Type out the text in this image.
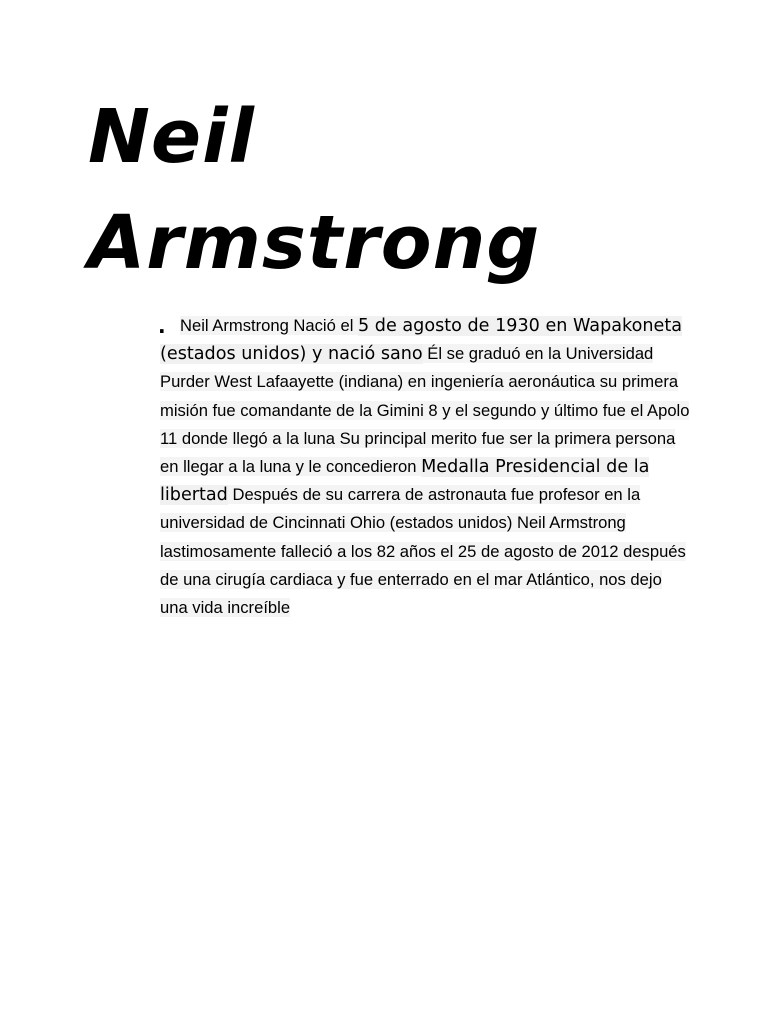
Neil
Armstrong
. Neil Armstrong Nació el 5 de agosto de 1930 en Wapakoneta (estados unidos) y nació sano Él se graduó en la Universidad Purder West Lafaayette (indiana) en ingeniería aeronáutica su primera misión fue comandante de la Gimini 8 y el segundo y último fue el Apolo 11 donde llegó a la luna Su principal merito fue ser la primera persona en llegar a la luna y le concedieron Medalla Presidencial de la libertad Después de su carrera de astronauta fue profesor en la universidad de Cincinnati Ohio (estados unidos) Neil Armstrong lastimosamente falleció a los 82 años el 25 de agosto de 2012 después de una cirugía cardiaca y fue enterrado en el mar Atlántico, nos dejo una vida increíble
